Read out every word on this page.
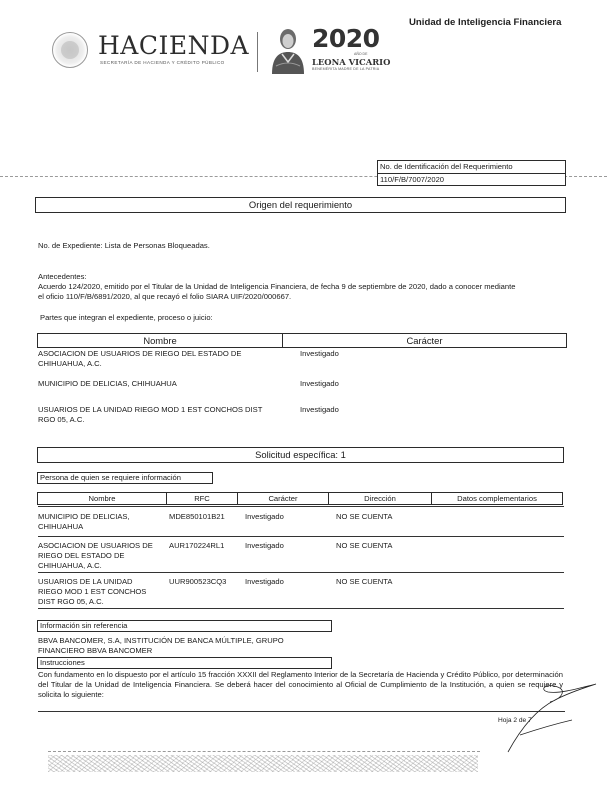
Unidad de Inteligencia Financiera
HACIENDA
SECRETARÍA DE HACIENDA Y CRÉDITO PÚBLICO
2020
AÑO DE
LEONA VICARIO
BENEMÉRITA MADRE DE LA PATRIA
No. de Identificación del Requerimiento
110/F/B/7007/2020
Origen del requerimiento
No. de Expediente: Lista de Personas Bloqueadas.
Antecedentes:
Acuerdo 124/2020, emitido por el Titular de la Unidad de Inteligencia Financiera, de fecha 9 de septiembre de 2020, dado a conocer mediante
el oficio 110/F/B/6891/2020, al que recayó el folio SIARA UIF/2020/000667.
Partes que integran el expediente, proceso o juicio:
Nombre	Carácter
ASOCIACION DE USUARIOS DE RIEGO DEL ESTADO DE
CHIHUAHUA, A.C.
Investigado
MUNICIPIO DE DELICIAS, CHIHUAHUA	Investigado
USUARIOS DE LA UNIDAD RIEGO MOD 1 EST CONCHOS DIST
RGO 05, A.C.
Investigado
Solicitud específica: 1
Persona de quien se requiere información
Nombre	RFC	Carácter	Dirección	Datos complementarios
MUNICIPIO DE DELICIAS,
CHIHUAHUA
MDE850101B21	Investigado	NO SE CUENTA
ASOCIACION DE USUARIOS DE
RIEGO DEL ESTADO DE
CHIHUAHUA, A.C.
AUR170224RL1	Investigado	NO SE CUENTA
USUARIOS DE LA UNIDAD
RIEGO MOD 1 EST CONCHOS
DIST RGO 05, A.C.
UUR900523CQ3 Investigado	NO SE CUENTA
Información sin referencia
BBVA BANCOMER, S.A, INSTITUCIÓN DE BANCA MÚLTIPLE, GRUPO
FINANCIERO BBVA BANCOMER
Instrucciones
Con fundamento en lo dispuesto por el artículo 15 fracción XXXII del Reglamento Interior de la Secretaría de Hacienda y Crédito Público, por determinación del Titular de la Unidad de Inteligencia Financiera. Se deberá hacer del conocimiento al Oficial de Cumplimiento de la Institución, a quien se requiere y solicita lo siguiente:
Hoja 2 de 7
